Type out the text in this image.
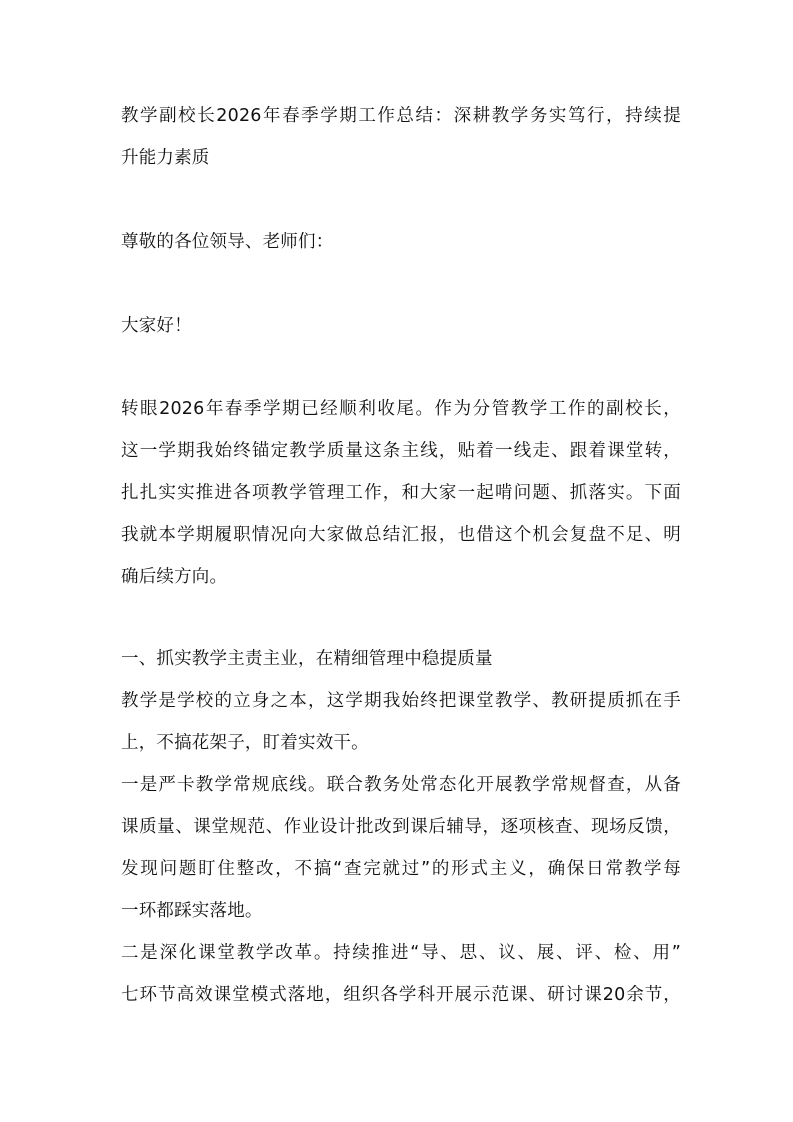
教学副校长2026年春季学期工作总结：深耕教学务实笃行，持续提
升能力素质
尊敬的各位领导、老师们：
大家好！
转眼2026年春季学期已经顺利收尾。作为分管教学工作的副校长，
这一学期我始终锚定教学质量这条主线，贴着一线走、跟着课堂转，
扎扎实实推进各项教学管理工作，和大家一起啃问题、抓落实。下面
我就本学期履职情况向大家做总结汇报，也借这个机会复盘不足、明
确后续方向。
一、抓实教学主责主业，在精细管理中稳提质量
教学是学校的立身之本，这学期我始终把课堂教学、教研提质抓在手
上，不搞花架子，盯着实效干。
一是严卡教学常规底线。联合教务处常态化开展教学常规督查，从备
课质量、课堂规范、作业设计批改到课后辅导，逐项核查、现场反馈，
发现问题盯住整改，不搞“查完就过”的形式主义，确保日常教学每
一环都踩实落地。
二是深化课堂教学改革。持续推进“导、思、议、展、评、检、用”
七环节高效课堂模式落地，组织各学科开展示范课、研讨课20余节，
